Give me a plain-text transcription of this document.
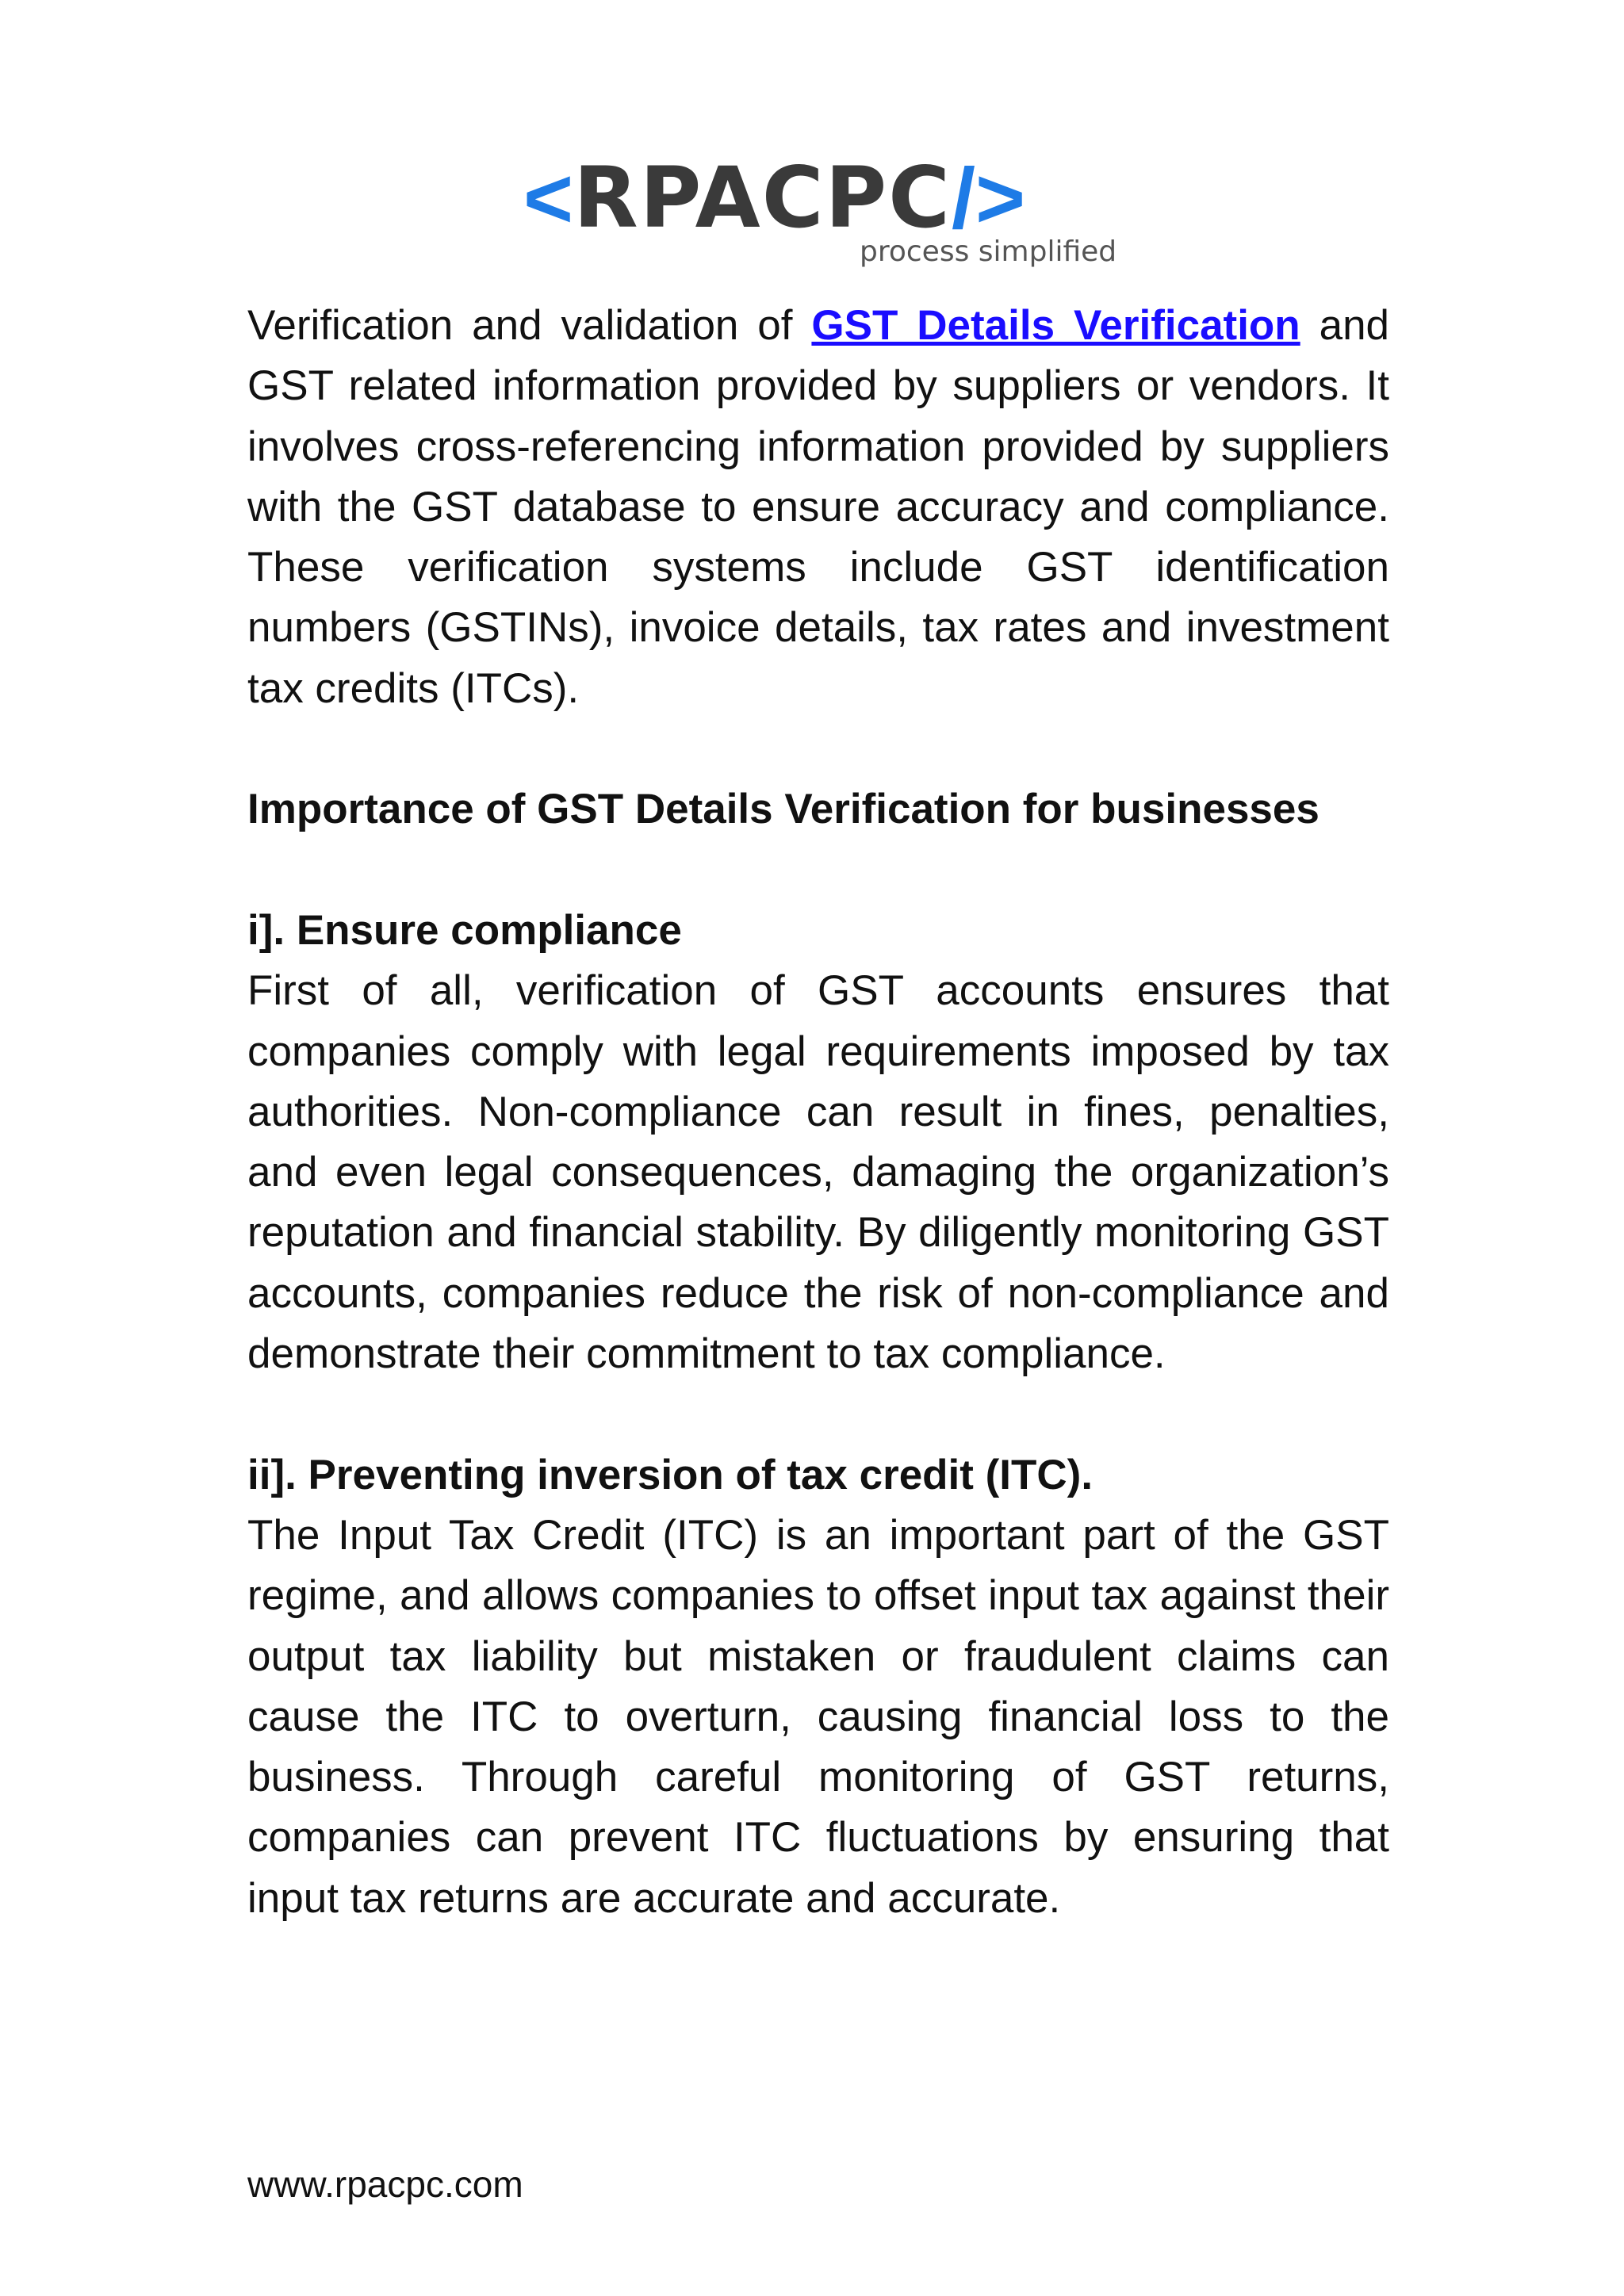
< RPACPC / >
process simplified

Verification and validation of GST Details Verification and GST related information provided by suppliers or vendors. It involves cross-referencing information provided by suppliers with the GST database to ensure accuracy and compliance. These verification systems include GST identification numbers (GSTINs), invoice details, tax rates and investment tax credits (ITCs).

Importance of GST Details Verification for businesses
i]. Ensure compliance

First of all, verification of GST accounts ensures that companies comply with legal requirements imposed by tax authorities. Non-compliance can result in fines, penalties, and even legal consequences, damaging the organization’s reputation and financial stability. By diligently monitoring GST accounts, companies reduce the risk of non-compliance and demonstrate their commitment to tax compliance.

ii]. Preventing inversion of tax credit (ITC).

The Input Tax Credit (ITC) is an important part of the GST regime, and allows companies to offset input tax against their output tax liability but mistaken or fraudulent claims can cause the ITC to overturn, causing financial loss to the business. Through careful monitoring of GST returns, companies can prevent ITC fluctuations by ensuring that input tax returns are accurate and accurate.

www.rpacpc.com
